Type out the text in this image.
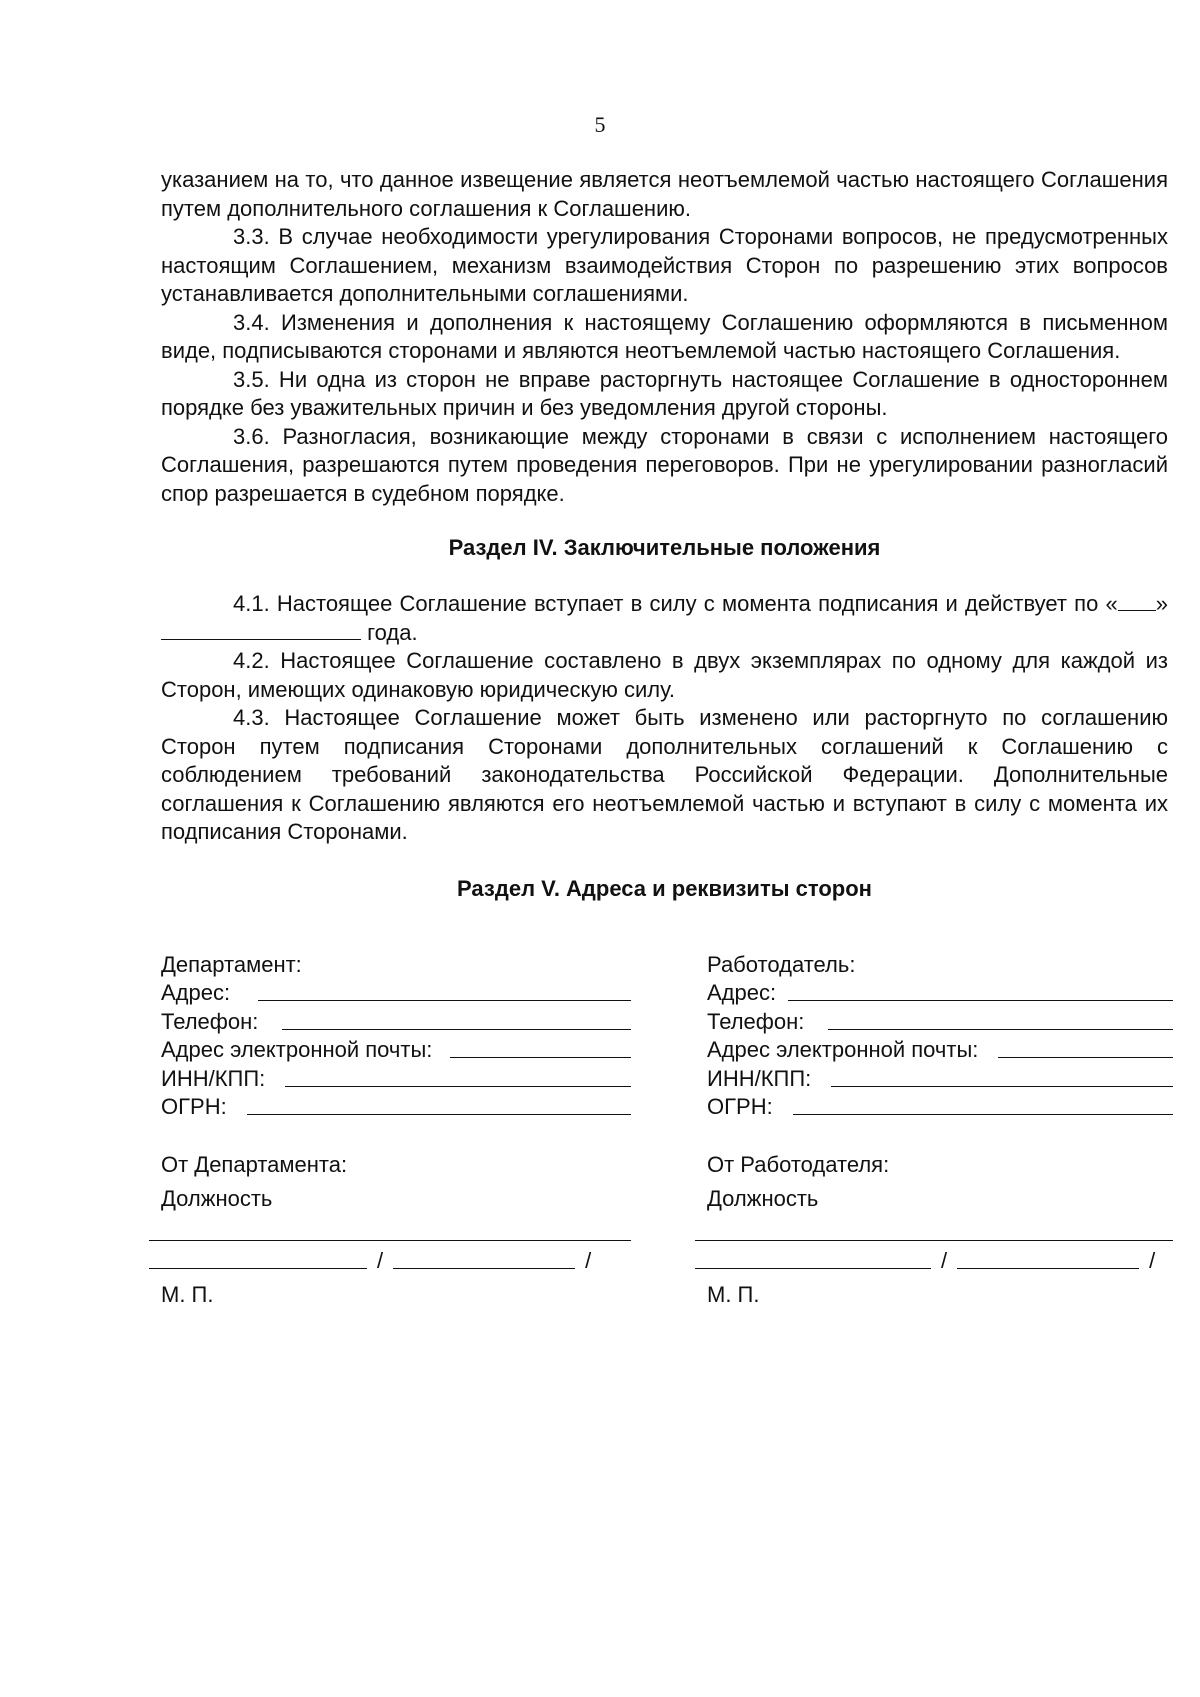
5

указанием на то, что данное извещение является неотъемлемой частью настоящего Соглашения путем дополнительного соглашения к Соглашению.

3.3. В случае необходимости урегулирования Сторонами вопросов, не предусмотренных настоящим Соглашением, механизм взаимодействия Сторон по разрешению этих вопросов устанавливается дополнительными соглашениями.

3.4. Изменения и дополнения к настоящему Соглашению оформляются в письменном виде, подписываются сторонами и являются неотъемлемой частью настоящего Соглашения.

3.5. Ни одна из сторон не вправе расторгнуть настоящее Соглашение в одностороннем порядке без уважительных причин и без уведомления другой стороны.

3.6. Разногласия, возникающие между сторонами в связи с исполнением настоящего Соглашения, разрешаются путем проведения переговоров. При не урегулировании разногласий спор разрешается в судебном порядке.

Раздел IV. Заключительные положения

4.1. Настоящее Соглашение вступает в силу с момента подписания и действует по « »  года.

4.2. Настоящее Соглашение составлено в двух экземплярах по одному для каждой из Сторон, имеющих одинаковую юридическую силу.

4.3. Настоящее Соглашение может быть изменено или расторгнуто по соглашению Сторон путем подписания Сторонами дополнительных соглашений к Соглашению с соблюдением требований законодательства Российской Федерации. Дополнительные соглашения к Соглашению являются его неотъемлемой частью и вступают в силу с момента их подписания Сторонами.

Раздел V. Адреса и реквизиты сторон
Департамент:
Адрес:
Телефон:
Адрес электронной почты:
ИНН/КПП:
ОГРН:
От Департамента:
Должность
/	/
М. П.
Работодатель:
Адрес:
Телефон:
Адрес электронной почты:
ИНН/КПП:
ОГРН:
От Работодателя:
Должность
/	/
М. П.
